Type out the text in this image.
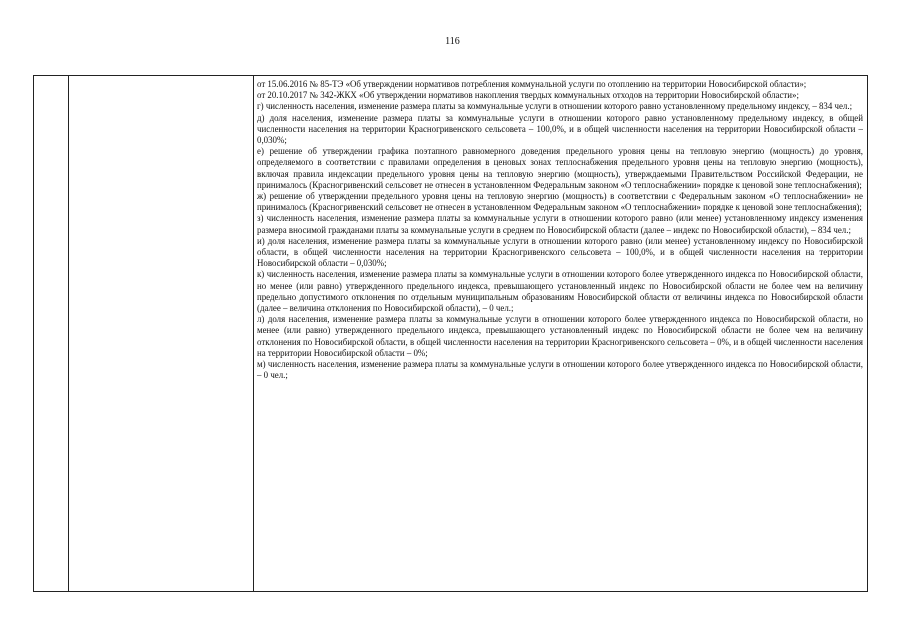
116

от 15.06.2016 № 85-ТЭ «Об утверждении нормативов потребления коммунальной услуги по отоплению на территории Новосибирской области»;

от 20.10.2017 № 342-ЖКХ «Об утверждении нормативов накопления твердых коммунальных отходов на территории Новосибирской области»;

г) численность населения, изменение размера платы за коммунальные услуги в отношении которого равно установленному предельному индексу, – 834 чел.;

д) доля населения, изменение размера платы за коммунальные услуги в отношении которого равно установленному предельному индексу, в общей численности населения на территории Красногривенского сельсовета – 100,0%, и в общей численности населения на территории Новосибирской области – 0,030%;

е) решение об утверждении графика поэтапного равномерного доведения предельного уровня цены на тепловую энергию (мощность) до уровня, определяемого в соответствии с правилами определения в ценовых зонах теплоснабжения предельного уровня цены на тепловую энергию (мощность), включая правила индексации предельного уровня цены на тепловую энергию (мощность), утверждаемыми Правительством Российской Федерации, не принималось (Красногривенский сельсовет не отнесен в установленном Федеральным законом «О теплоснабжении» порядке к ценовой зоне теплоснабжения);

ж) решение об утверждении предельного уровня цены на тепловую энергию (мощность) в соответствии с Федеральным законом «О теплоснабжении» не принималось (Красногривенский сельсовет не отнесен в установленном Федеральным законом «О теплоснабжении» порядке к ценовой зоне теплоснабжения);

з) численность населения, изменение размера платы за коммунальные услуги в отношении которого равно (или менее) установленному индексу изменения размера вносимой гражданами платы за коммунальные услуги в среднем по Новосибирской области (далее – индекс по Новосибирской области), – 834 чел.;

и) доля населения, изменение размера платы за коммунальные услуги в отношении которого равно (или менее) установленному индексу по Новосибирской области, в общей численности населения на территории Красногривенского сельсовета – 100,0%, и в общей численности населения на территории Новосибирской области – 0,030%;

к) численность населения, изменение размера платы за коммунальные услуги в отношении которого более утвержденного индекса по Новосибирской области, но менее (или равно) утвержденного предельного индекса, превышающего установленный индекс по Новосибирской области не более чем на величину предельно допустимого отклонения по отдельным муниципальным образованиям Новосибирской области от величины индекса по Новосибирской области (далее – величина отклонения по Новосибирской области), – 0 чел.;

л) доля населения, изменение размера платы за коммунальные услуги в отношении которого более утвержденного индекса по Новосибирской области, но менее (или равно) утвержденного предельного индекса, превышающего установленный индекс по Новосибирской области не более чем на величину отклонения по Новосибирской области, в общей численности населения на территории Красногривенского сельсовета – 0%, и в общей численности населения на территории Новосибирской области – 0%;

м) численность населения, изменение размера платы за коммунальные услуги в отношении которого более утвержденного индекса по Новосибирской области, – 0 чел.;
